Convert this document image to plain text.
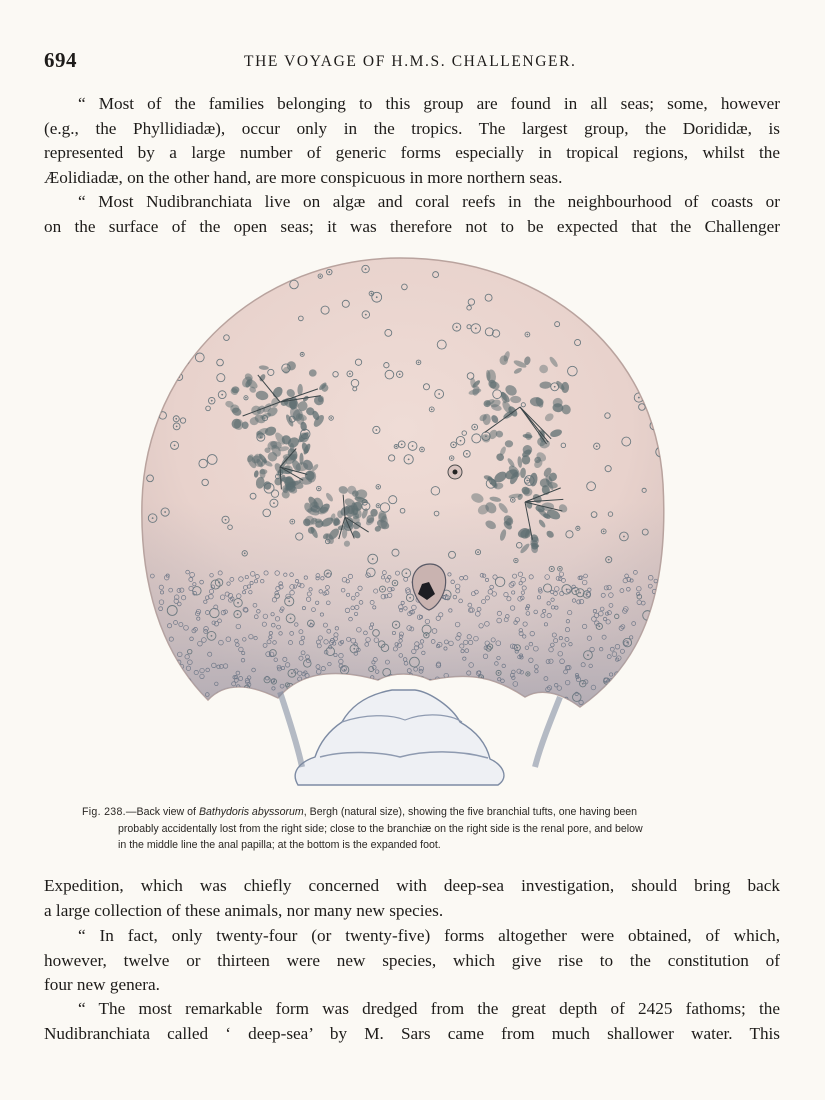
694	THE VOYAGE OF H.M.S. CHALLENGER.
“ Most of the families belonging to this group are found in all seas; some, however
(e.g., the Phyllidiadæ), occur only in the tropics. The largest group, the Dorididæ, is
represented by a large number of generic forms especially in tropical regions, whilst the
Æolidiadæ, on the other hand, are more conspicuous in more northern seas.
“ Most Nudibranchiata live on algæ and coral reefs in the neighbourhood of coasts or
on the surface of the open seas; it was therefore not to be expected that the Challenger
Fig. 238.—Back view of Bathydoris abyssorum, Bergh (natural size), showing the five branchial tufts, one having been
probably accidentally lost from the right side; close to the branchiæ on the right side is the renal pore, and below
in the middle line the anal papilla; at the bottom is the expanded foot.
Expedition, which was chiefly concerned with deep-sea investigation, should bring back
a large collection of these animals, nor many new species.
“ In fact, only twenty-four (or twenty-five) forms altogether were obtained, of which,
however, twelve or thirteen were new species, which give rise to the constitution of
four new genera.
“ The most remarkable form was dredged from the great depth of 2425 fathoms; the
Nudibranchiata called ‘ deep-sea’ by M. Sars came from much shallower water. This
